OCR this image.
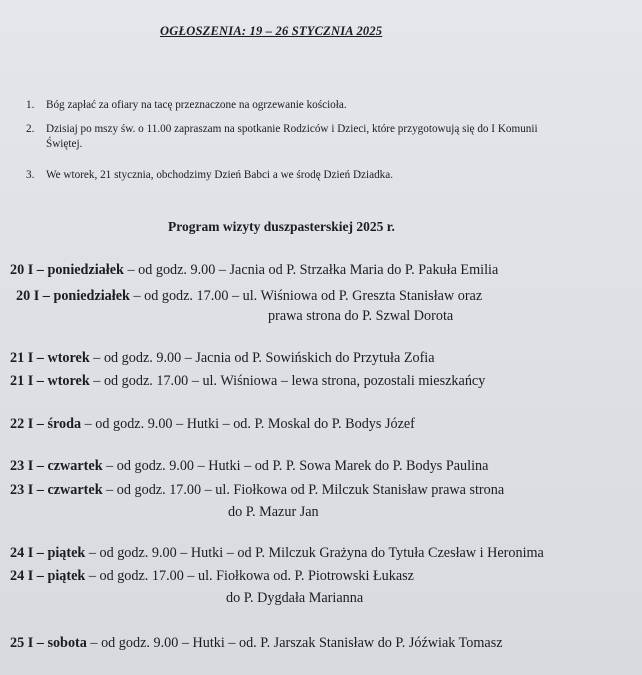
OGŁOSZENIA: 19 – 26 STYCZNIA 2025
1.	Bóg zapłać za ofiary na tacę przeznaczone na ogrzewanie kościoła.
2.	Dzisiaj po mszy św. o 11.00 zapraszam na spotkanie Rodziców i Dzieci, które przygotowują się do I Komunii Świętej.
3.	We wtorek, 21 stycznia, obchodzimy Dzień Babci a we środę Dzień Dziadka.
Program wizyty duszpasterskiej 2025 r.
20 I – poniedziałek – od godz. 9.00 – Jacnia od P. Strzałka Maria do P. Pakuła Emilia
20 I – poniedziałek – od godz. 17.00 – ul. Wiśniowa od P. Greszta Stanisław oraz
prawa strona do P. Szwal Dorota
21 I – wtorek – od godz. 9.00 – Jacnia od P. Sowińskich do Przytuła Zofia
21 I – wtorek – od godz. 17.00 – ul. Wiśniowa – lewa strona, pozostali mieszkańcy
22 I – środa – od godz. 9.00 – Hutki – od. P. Moskal do P. Bodys Józef
23 I – czwartek – od godz. 9.00 – Hutki – od P. P. Sowa Marek do P. Bodys Paulina
23 I – czwartek – od godz. 17.00 – ul. Fiołkowa od P. Milczuk Stanisław prawa strona
do P. Mazur Jan
24 I – piątek – od godz. 9.00 – Hutki – od P. Milczuk Grażyna do Tytuła Czesław i Heronima
24 I – piątek – od godz. 17.00 – ul. Fiołkowa od. P. Piotrowski Łukasz
do P. Dygdała Marianna
25 I – sobota – od godz. 9.00 – Hutki – od. P. Jarszak Stanisław do P. Jóźwiak Tomasz
